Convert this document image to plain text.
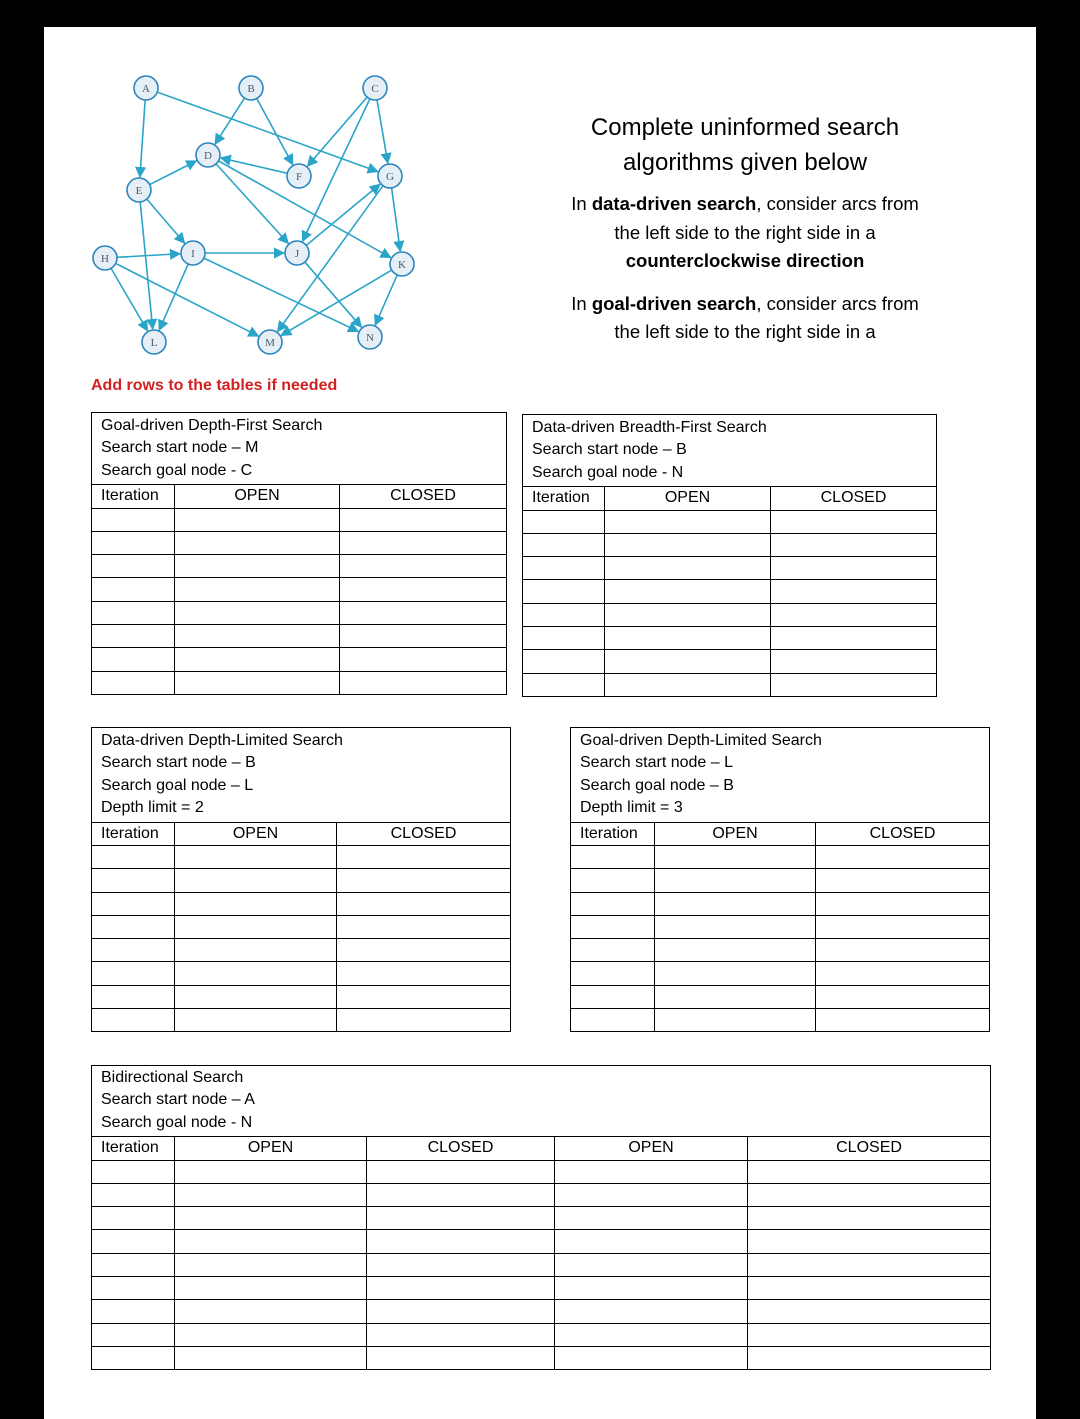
A	B	C
D
E
F	G
H	I	J
K
L	M	N
Complete uninformed search
algorithms given below

In data-driven search, consider arcs from the left side to the right side in a counterclockwise direction

In goal-driven search, consider arcs from the left side to the right side in a

Add rows to the tables if needed
Goal-driven Depth-First Search
Search start node – M
Search goal node - C		

Iteration	OPEN	CLOSED

Data-driven Breadth-First Search
Search start node – B
Search goal node - N		

Iteration	OPEN	CLOSED

Data-driven Depth-Limited Search
Search start node – B
Search goal node – L
Depth limit = 2		

Iteration	OPEN	CLOSED

Goal-driven Depth-Limited Search
Search start node – L
Search goal node – B
Depth limit = 3		

Iteration	OPEN	CLOSED

Bidirectional Search
Search start node – A
Search goal node - N				

Iteration	OPEN	CLOSED	OPEN	CLOSED
